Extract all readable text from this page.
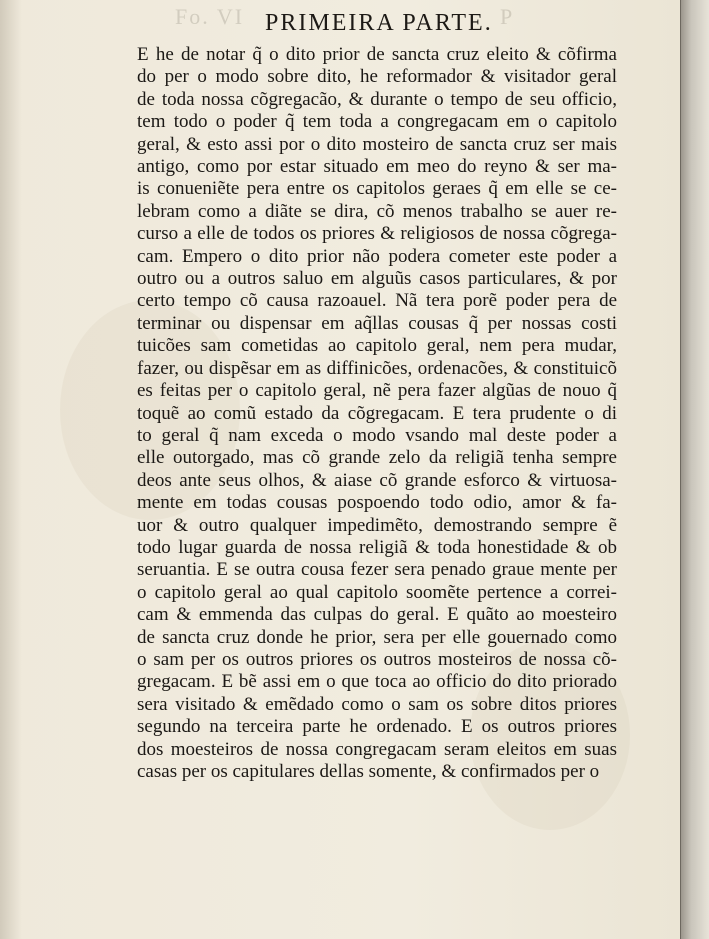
Fo. VI	P
PRIMEIRA PARTE.
E he de notar q̃ o dito prior de sancta cruz eleito & cõfirma
do per o modo sobre dito, he reformador & visitador geral
de toda nossa cõgregacão, & durante o tempo de seu officio,
tem todo o poder q̃ tem toda a congregacam em o capitolo
geral, & esto assi por o dito mosteiro de sancta cruz ser mais
antigo, como por estar situado em meo do reyno & ser ma-
is conueniẽte pera entre os capitolos geraes q̃ em elle se ce-
lebram como a diãte se dira, cõ menos trabalho se auer re-
curso a elle de todos os priores & religiosos de nossa cõgrega-
cam. Empero o dito prior não podera cometer este poder a
outro ou a outros saluo em alguũs casos particulares, & por
certo tempo cõ causa razoauel. Nã tera porẽ poder pera de
terminar ou dispensar em aq̃llas cousas q̃ per nossas costi
tuicões sam cometidas ao capitolo geral, nem pera mudar,
fazer, ou dispẽsar em as diffinicões, ordenacões, & constituicõ
es feitas per o capitolo geral, nẽ pera fazer algũas de nouo q̃
toquẽ ao comũ estado da cõgregacam. E tera prudente o di
to geral q̃ nam exceda o modo vsando mal deste poder a
elle outorgado, mas cõ grande zelo da religiã tenha sempre
deos ante seus olhos, & aiase cõ grande esforco & virtuosa-
mente em todas cousas pospoendo todo odio, amor & fa-
uor & outro qualquer impedimẽto, demostrando sempre ẽ
todo lugar guarda de nossa religiã & toda honestidade & ob
seruantia. E se outra cousa fezer sera penado graue mente per
o capitolo geral ao qual capitolo soomẽte pertence a correi-
cam & emmenda das culpas do geral. E quãto ao moesteiro
de sancta cruz donde he prior, sera per elle gouernado como
o sam per os outros priores os outros mosteiros de nossa cõ-
gregacam. E bẽ assi em o que toca ao officio do dito priorado
sera visitado & emẽdado como o sam os sobre ditos priores
segundo na terceira parte he ordenado. E os outros priores
dos moesteiros de nossa congregacam seram eleitos em suas
casas per os capitulares dellas somente, & confirmados per o
